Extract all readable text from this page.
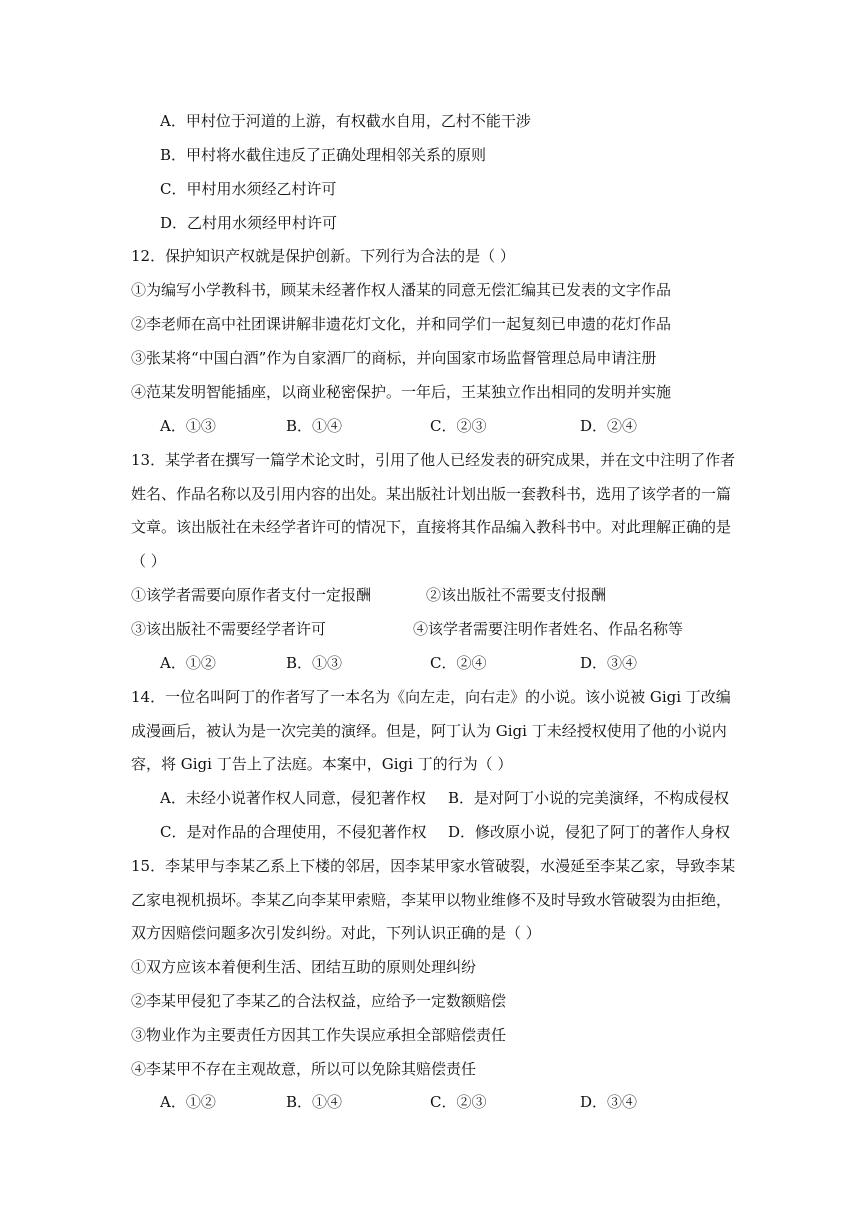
A．甲村位于河道的上游，有权截水自用，乙村不能干涉
B．甲村将水截住违反了正确处理相邻关系的原则
C．甲村用水须经乙村许可
D．乙村用水须经甲村许可
12．保护知识产权就是保护创新。下列行为合法的是（ ）
①为编写小学教科书，顾某未经著作权人潘某的同意无偿汇编其已发表的文字作品
②李老师在高中社团课讲解非遗花灯文化，并和同学们一起复刻已申遗的花灯作品
③张某将“中国白酒”作为自家酒厂的商标，并向国家市场监督管理总局申请注册
④范某发明智能插座，以商业秘密保护。一年后，王某独立作出相同的发明并实施
A．①③	B．①④	C．②③	D．②④
13．某学者在撰写一篇学术论文时，引用了他人已经发表的研究成果，并在文中注明了作者
姓名、作品名称以及引用内容的出处。某出版社计划出版一套教科书，选用了该学者的一篇
文章。该出版社在未经学者许可的情况下，直接将其作品编入教科书中。对此理解正确的是
（ ）
①该学者需要向原作者支付一定报酬	②该出版社不需要支付报酬
③该出版社不需要经学者许可	④该学者需要注明作者姓名、作品名称等
A．①②	B．①③	C．②④	D．③④
14．一位名叫阿丁的作者写了一本名为《向左走，向右走》的小说。该小说被 Gigi 丁改编
成漫画后，被认为是一次完美的演绎。但是，阿丁认为 Gigi 丁未经授权使用了他的小说内
容，将 Gigi 丁告上了法庭。本案中，Gigi 丁的行为（ ）
A．未经小说著作权人同意，侵犯著作权 B．是对阿丁小说的完美演绎，不构成侵权
C．是对作品的合理使用，不侵犯著作权 D．修改原小说，侵犯了阿丁的著作人身权
15．李某甲与李某乙系上下楼的邻居，因李某甲家水管破裂，水漫延至李某乙家，导致李某
乙家电视机损坏。李某乙向李某甲索赔，李某甲以物业维修不及时导致水管破裂为由拒绝，
双方因赔偿问题多次引发纠纷。对此，下列认识正确的是（ ）
①双方应该本着便利生活、团结互助的原则处理纠纷
②李某甲侵犯了李某乙的合法权益，应给予一定数额赔偿
③物业作为主要责任方因其工作失误应承担全部赔偿责任
④李某甲不存在主观故意，所以可以免除其赔偿责任
A．①②	B．①④	C．②③	D．③④
